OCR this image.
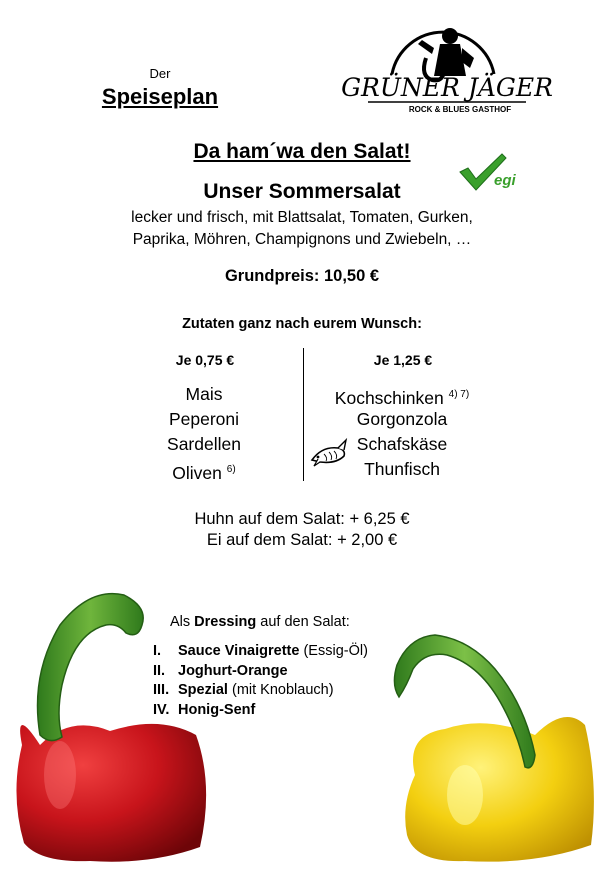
Der
Speiseplan	GRÜNER JÄGER
ROCK & BLUES GASTHOF
Da ham´wa den Salat!
egi
Unser Sommersalat
lecker und frisch, mit Blattsalat, Tomaten, Gurken,
Paprika, Möhren, Champignons und Zwiebeln, …
Grundpreis: 10,50 €
Zutaten ganz nach eurem Wunsch:
Je 0,75 €	Je 1,25 €
Mais
Peperoni
Sardellen
Oliven $^{6)}$
Kochschinken $^{4) 7)}$
Gorgonzola
Schafskäse
Thunfisch
Huhn auf dem Salat: + 6,25 €
Ei auf dem Salat: + 2,00 €
Als Dressing auf den Salat:
I. Sauce Vinaigrette (Essig-Öl)
II. Joghurt-Orange
III. Spezial (mit Knoblauch)
IV. Honig-Senf
